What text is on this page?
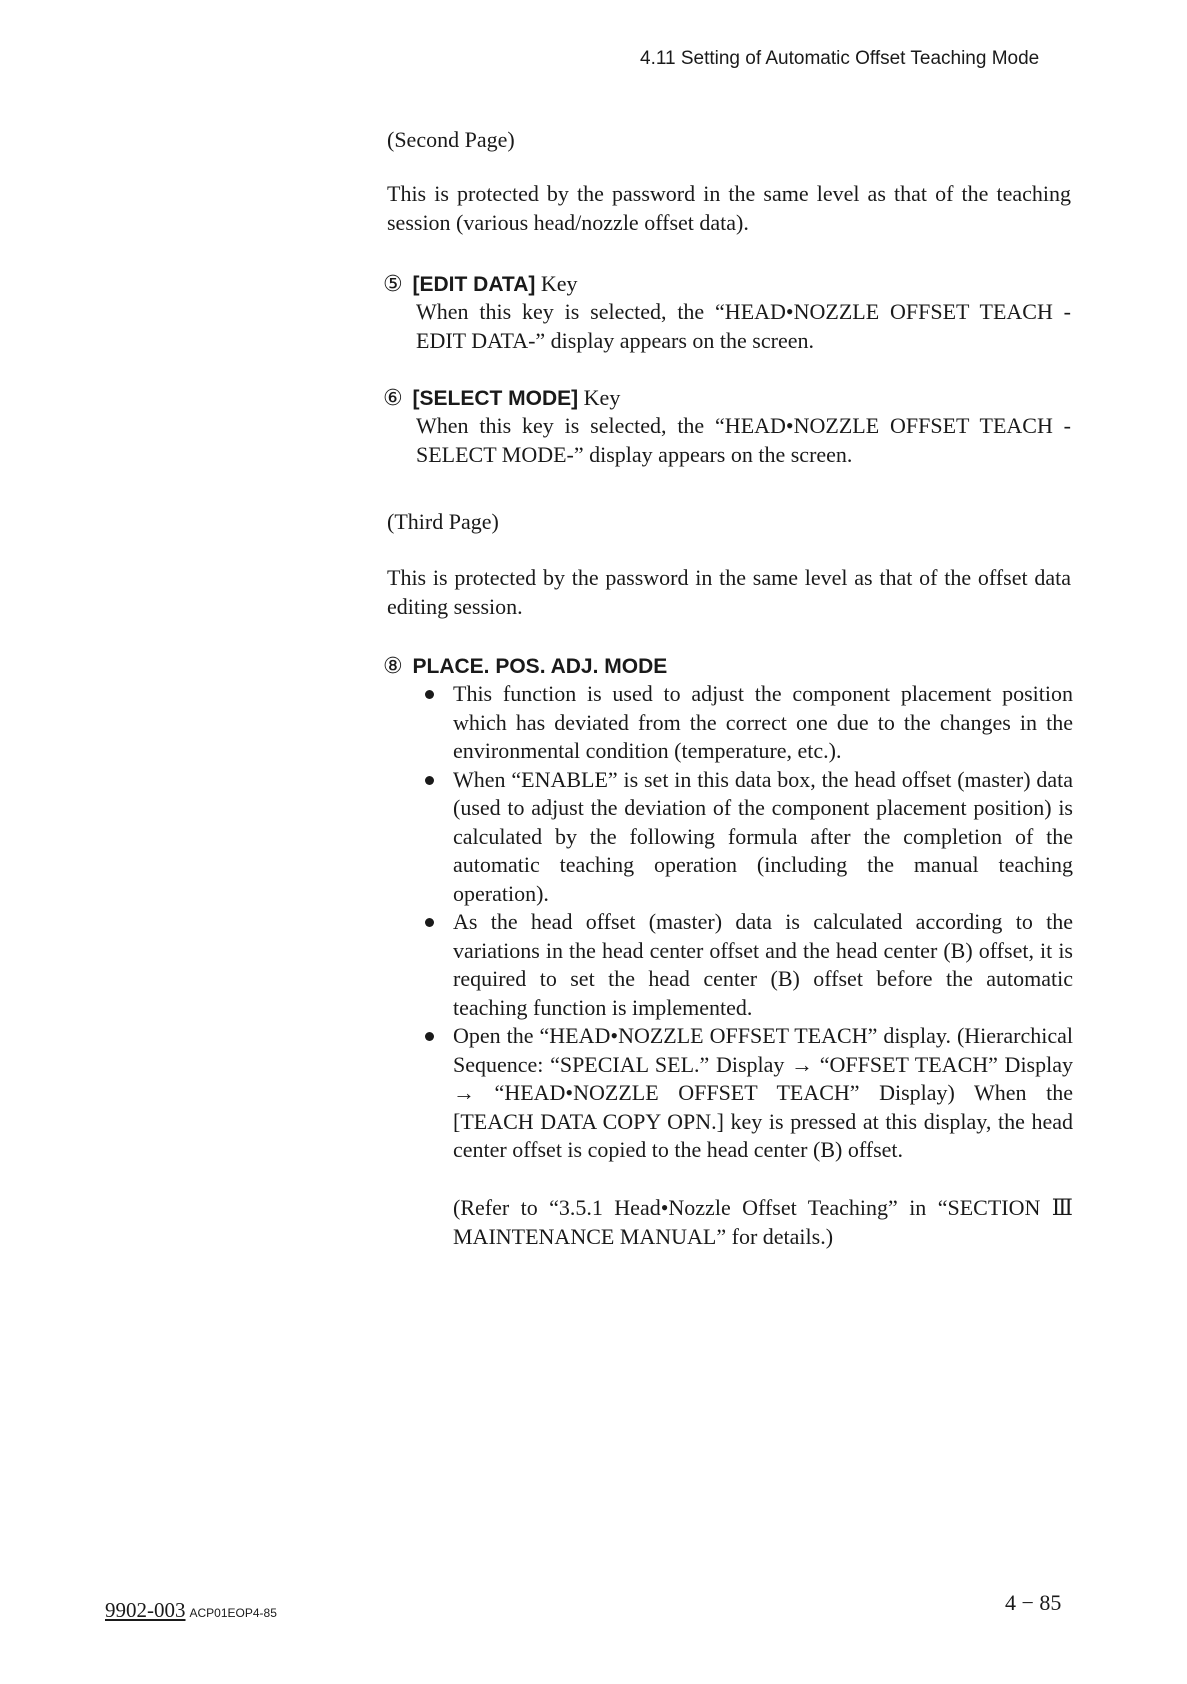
4.11 Setting of Automatic Offset Teaching Mode
(Second Page)
This is protected by the password in the same level as that of the teaching session (various head/nozzle offset data).
⑤ [EDIT DATA] Key
When this key is selected, the “HEAD•NOZZLE OFFSET TEACH -EDIT DATA-” display appears on the screen.
⑥ [SELECT MODE] Key
When this key is selected, the “HEAD•NOZZLE OFFSET TEACH -SELECT MODE-” display appears on the screen.
(Third Page)
This is protected by the password in the same level as that of the offset data editing session.
⑧ PLACE. POS. ADJ. MODE
This function is used to adjust the component placement position which has deviated from the correct one due to the changes in the environmental condition (temperature, etc.).
When “ENABLE” is set in this data box, the head offset (master) data (used to adjust the deviation of the component placement position) is calculated by the following formula after the completion of the automatic teaching operation (including the manual teaching operation).
As the head offset (master) data is calculated according to the variations in the head center offset and the head center (B) offset, it is required to set the head center (B) offset before the automatic teaching function is implemented.
Open the “HEAD•NOZZLE OFFSET TEACH” display. (Hierarchical Sequence: “SPECIAL SEL.” Display → “OFFSET TEACH” Display → “HEAD•NOZZLE OFFSET TEACH” Display) When the [TEACH DATA COPY OPN.] key is pressed at this display, the head center offset is copied to the head center (B) offset.
(Refer to “3.5.1 Head•Nozzle Offset Teaching” in “SECTION Ⅲ MAINTENANCE MANUAL” for details.)
9902-003 ACP01EOP4-85	4 − 85
